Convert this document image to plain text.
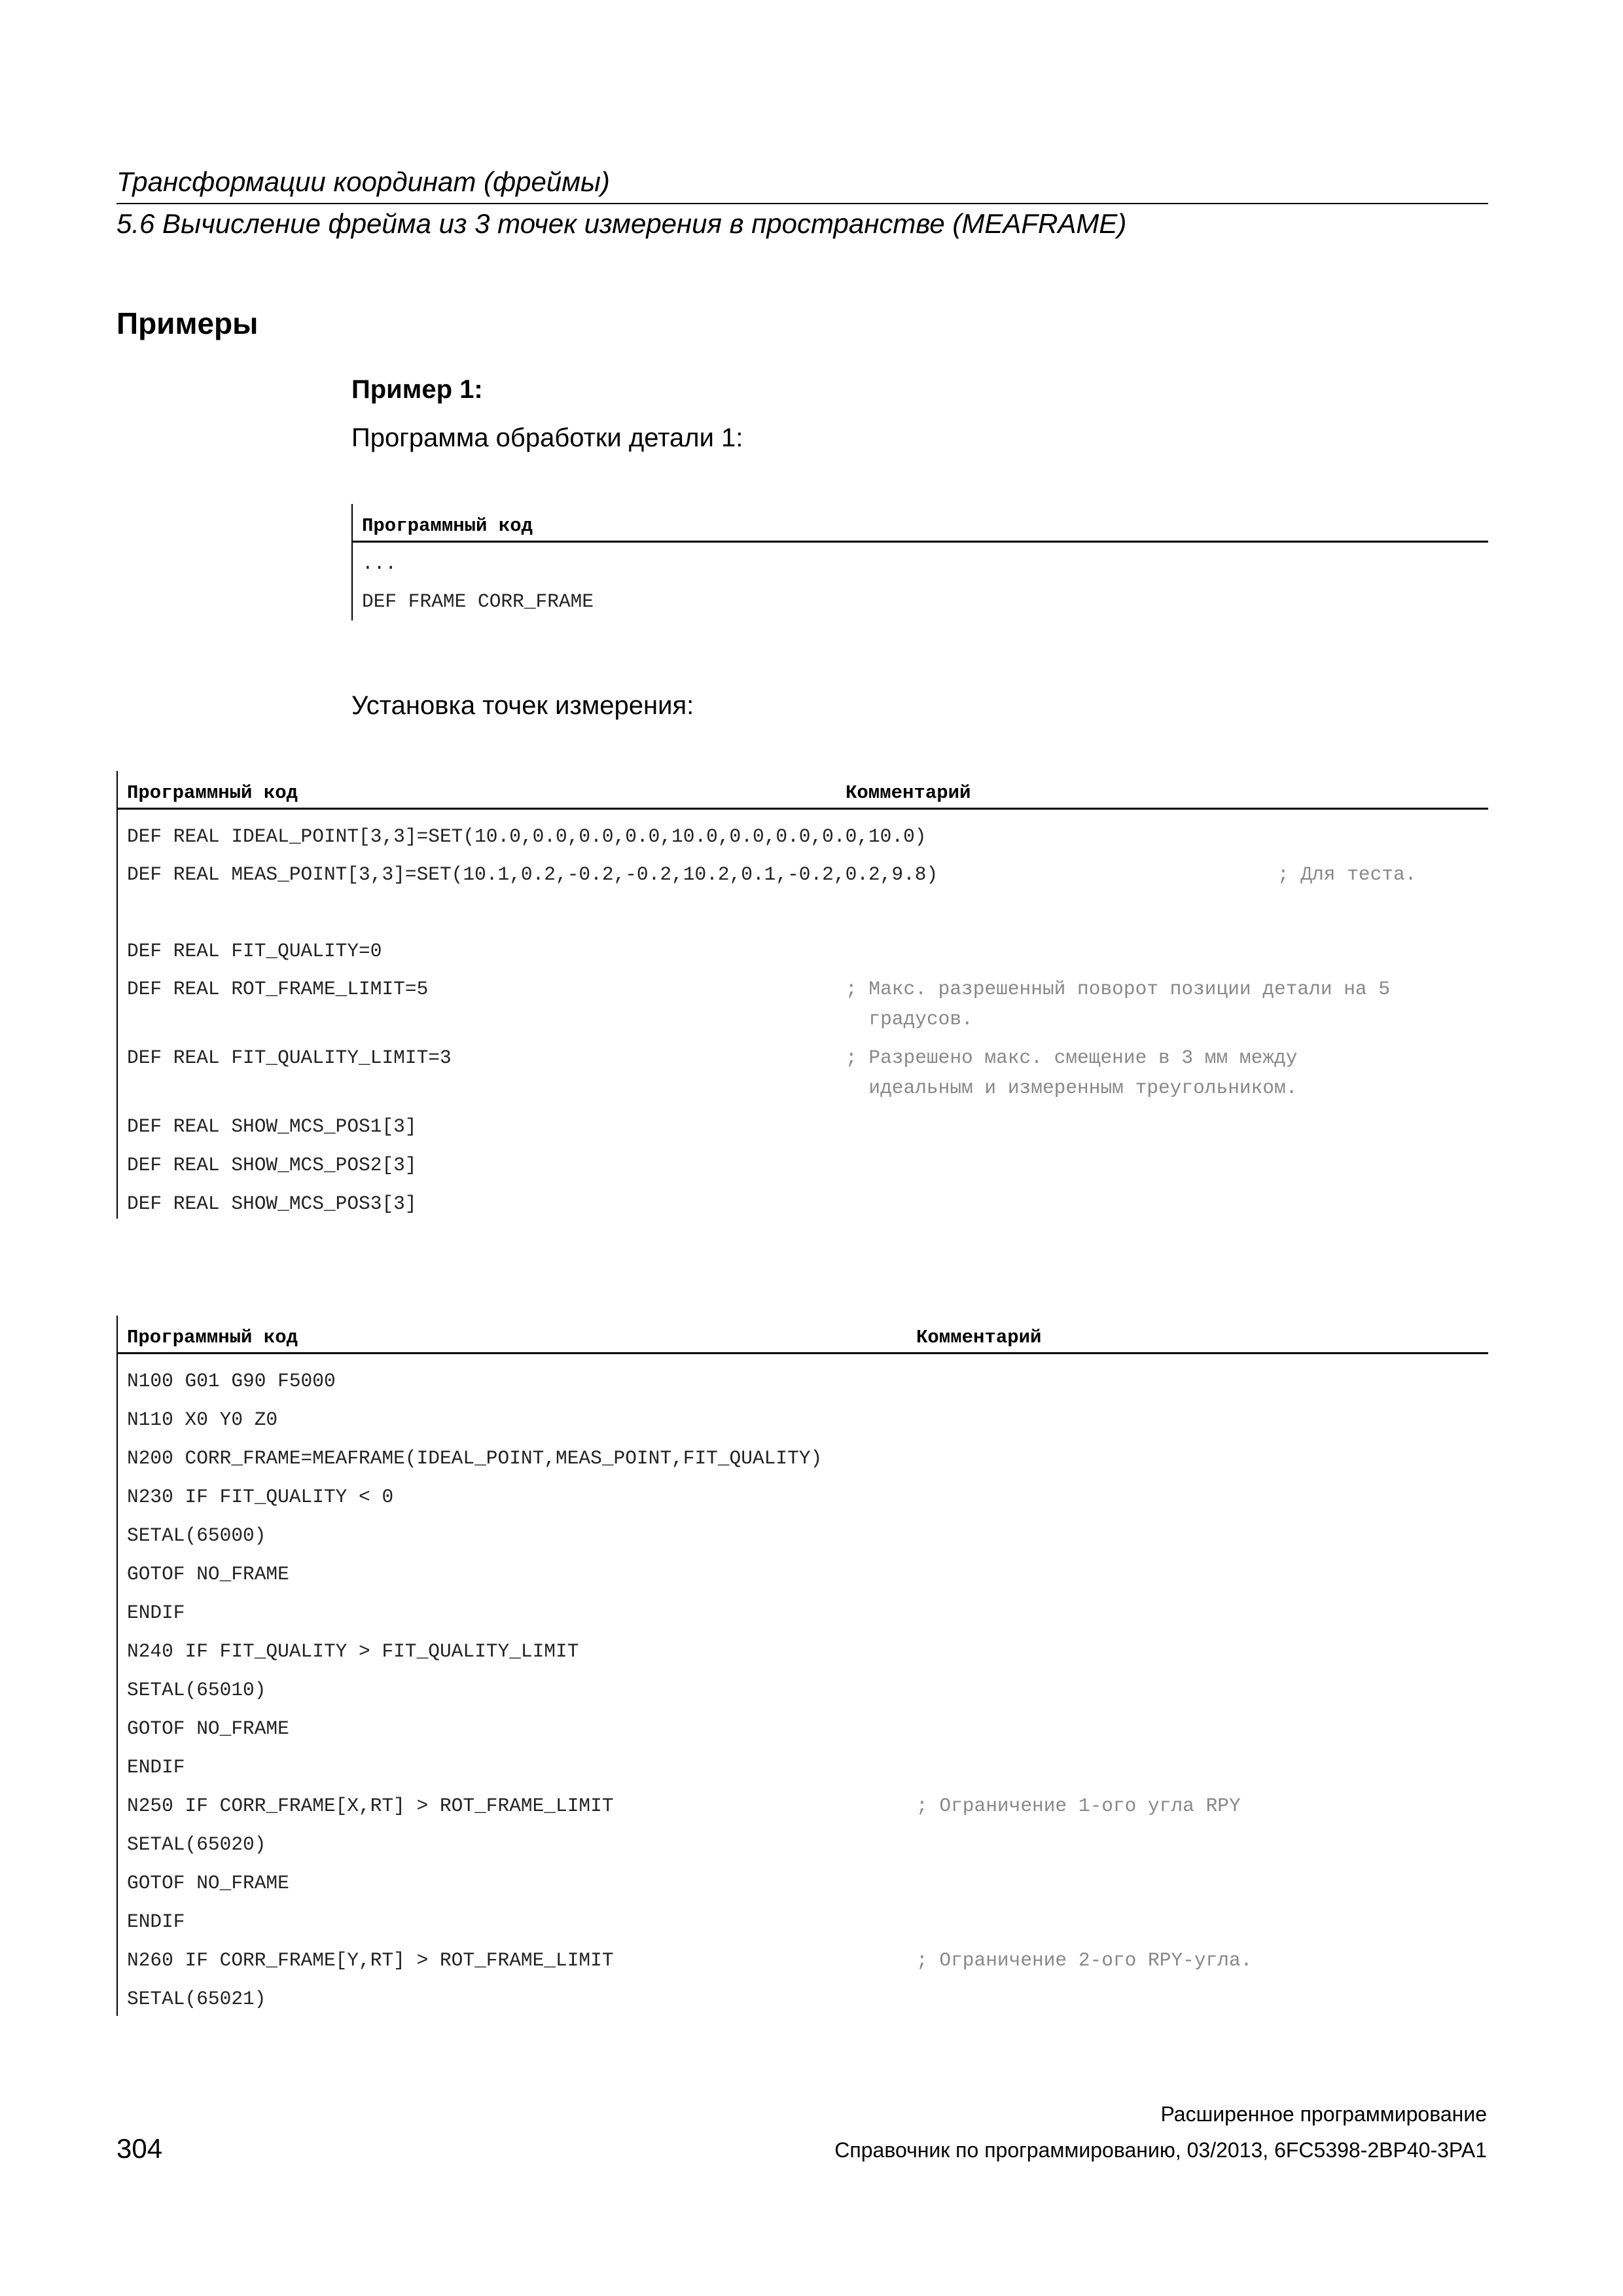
Трансформации координат (фреймы)
5.6 Вычисление фрейма из 3 точек измерения в пространстве (MEAFRAME)
Примеры
Пример 1:
Программа обработки детали 1:
Программный код
...
DEF FRAME CORR_FRAME
Установка точек измерения:
Программный код	Комментарий
DEF REAL IDEAL_POINT[3,3]=SET(10.0,0.0,0.0,0.0,10.0,0.0,0.0,0.0,10.0)
DEF REAL MEAS_POINT[3,3]=SET(10.1,0.2,-0.2,-0.2,10.2,0.1,-0.2,0.2,9.8)	; Для теста.
DEF REAL FIT_QUALITY=0
DEF REAL ROT_FRAME_LIMIT=5	; Макс. разрешенный поворот позиции детали на 5
градусов.
DEF REAL FIT_QUALITY_LIMIT=3	; Разрешено макс. смещение в 3 мм между
идеальным и измеренным треугольником.
DEF REAL SHOW_MCS_POS1[3]
DEF REAL SHOW_MCS_POS2[3]
DEF REAL SHOW_MCS_POS3[3]
Программный код	Комментарий
N100 G01 G90 F5000
N110 X0 Y0 Z0
N200 CORR_FRAME=MEAFRAME(IDEAL_POINT,MEAS_POINT,FIT_QUALITY)
N230 IF FIT_QUALITY < 0
SETAL(65000)
GOTOF NO_FRAME
ENDIF
N240 IF FIT_QUALITY > FIT_QUALITY_LIMIT
SETAL(65010)
GOTOF NO_FRAME
ENDIF
N250 IF CORR_FRAME[X,RT] > ROT_FRAME_LIMIT	; Ограничение 1-ого угла RPY
SETAL(65020)
GOTOF NO_FRAME
ENDIF
N260 IF CORR_FRAME[Y,RT] > ROT_FRAME_LIMIT	; Ограничение 2-ого RPY-угла.
SETAL(65021)
Расширенное программирование
304	Справочник по программированию, 03/2013, 6FC5398-2BP40-3PA1
